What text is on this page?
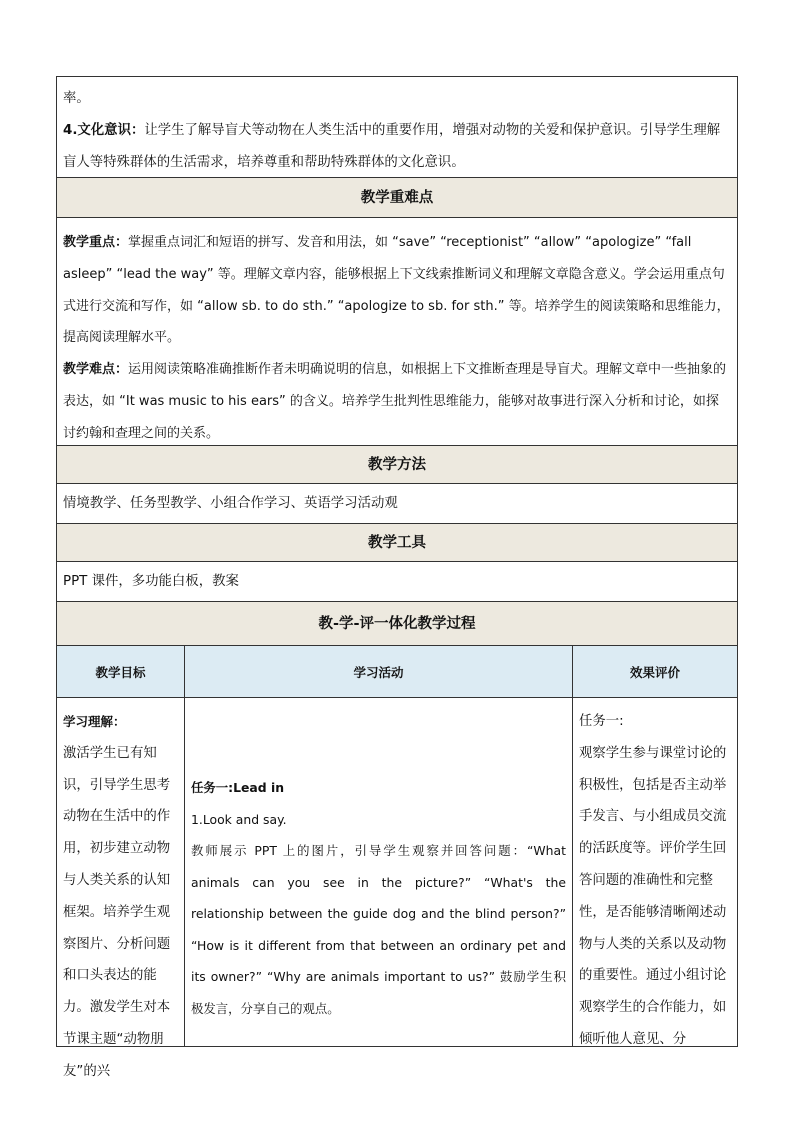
率。

4.文化意识：让学生了解导盲犬等动物在人类生活中的重要作用，增强对动物的关爱和保护意识。引导学生理解盲人等特殊群体的生活需求，培养尊重和帮助特殊群体的文化意识。

教学重难点

教学重点：掌握重点词汇和短语的拼写、发音和用法，如 “save” “receptionist” “allow” “apologize” “fall asleep” “lead the way” 等。理解文章内容，能够根据上下文线索推断词义和理解文章隐含意义。学会运用重点句式进行交流和写作，如 “allow sb. to do sth.” “apologize to sb. for sth.” 等。培养学生的阅读策略和思维能力，提高阅读理解水平。

教学难点：运用阅读策略准确推断作者未明确说明的信息，如根据上下文推断查理是导盲犬。理解文章中一些抽象的表达，如 “It was music to his ears” 的含义。培养学生批判性思维能力，能够对故事进行深入分析和讨论，如探讨约翰和查理之间的关系。

教学方法
情境教学、任务型教学、小组合作学习、英语学习活动观
教学工具
PPT 课件，多功能白板，教案
教-学-评一体化教学过程
教学目标

学习理解：

激活学生已有知识，引导学生思考动物在生活中的作用，初步建立动物与人类关系的认知框架。培养学生观察图片、分析问题和口头表达的能力。激发学生对本节课主题“动物朋友”的兴

学习活动

任务一:Lead in

1.Look and say.

教师展示 PPT 上的图片，引导学生观察并回答问题：“What animals can you see in the picture?” “What's the relationship between the guide dog and the blind person?” “How is it different from that between an ordinary pet and its owner?” “Why are animals important to us?” 鼓励学生积极发言，分享自己的观点。

效果评价

任务一:

观察学生参与课堂讨论的积极性，包括是否主动举手发言、与小组成员交流的活跃度等。评价学生回答问题的准确性和完整性，是否能够清晰阐述动物与人类的关系以及动物的重要性。通过小组讨论观察学生的合作能力，如倾听他人意见、分
